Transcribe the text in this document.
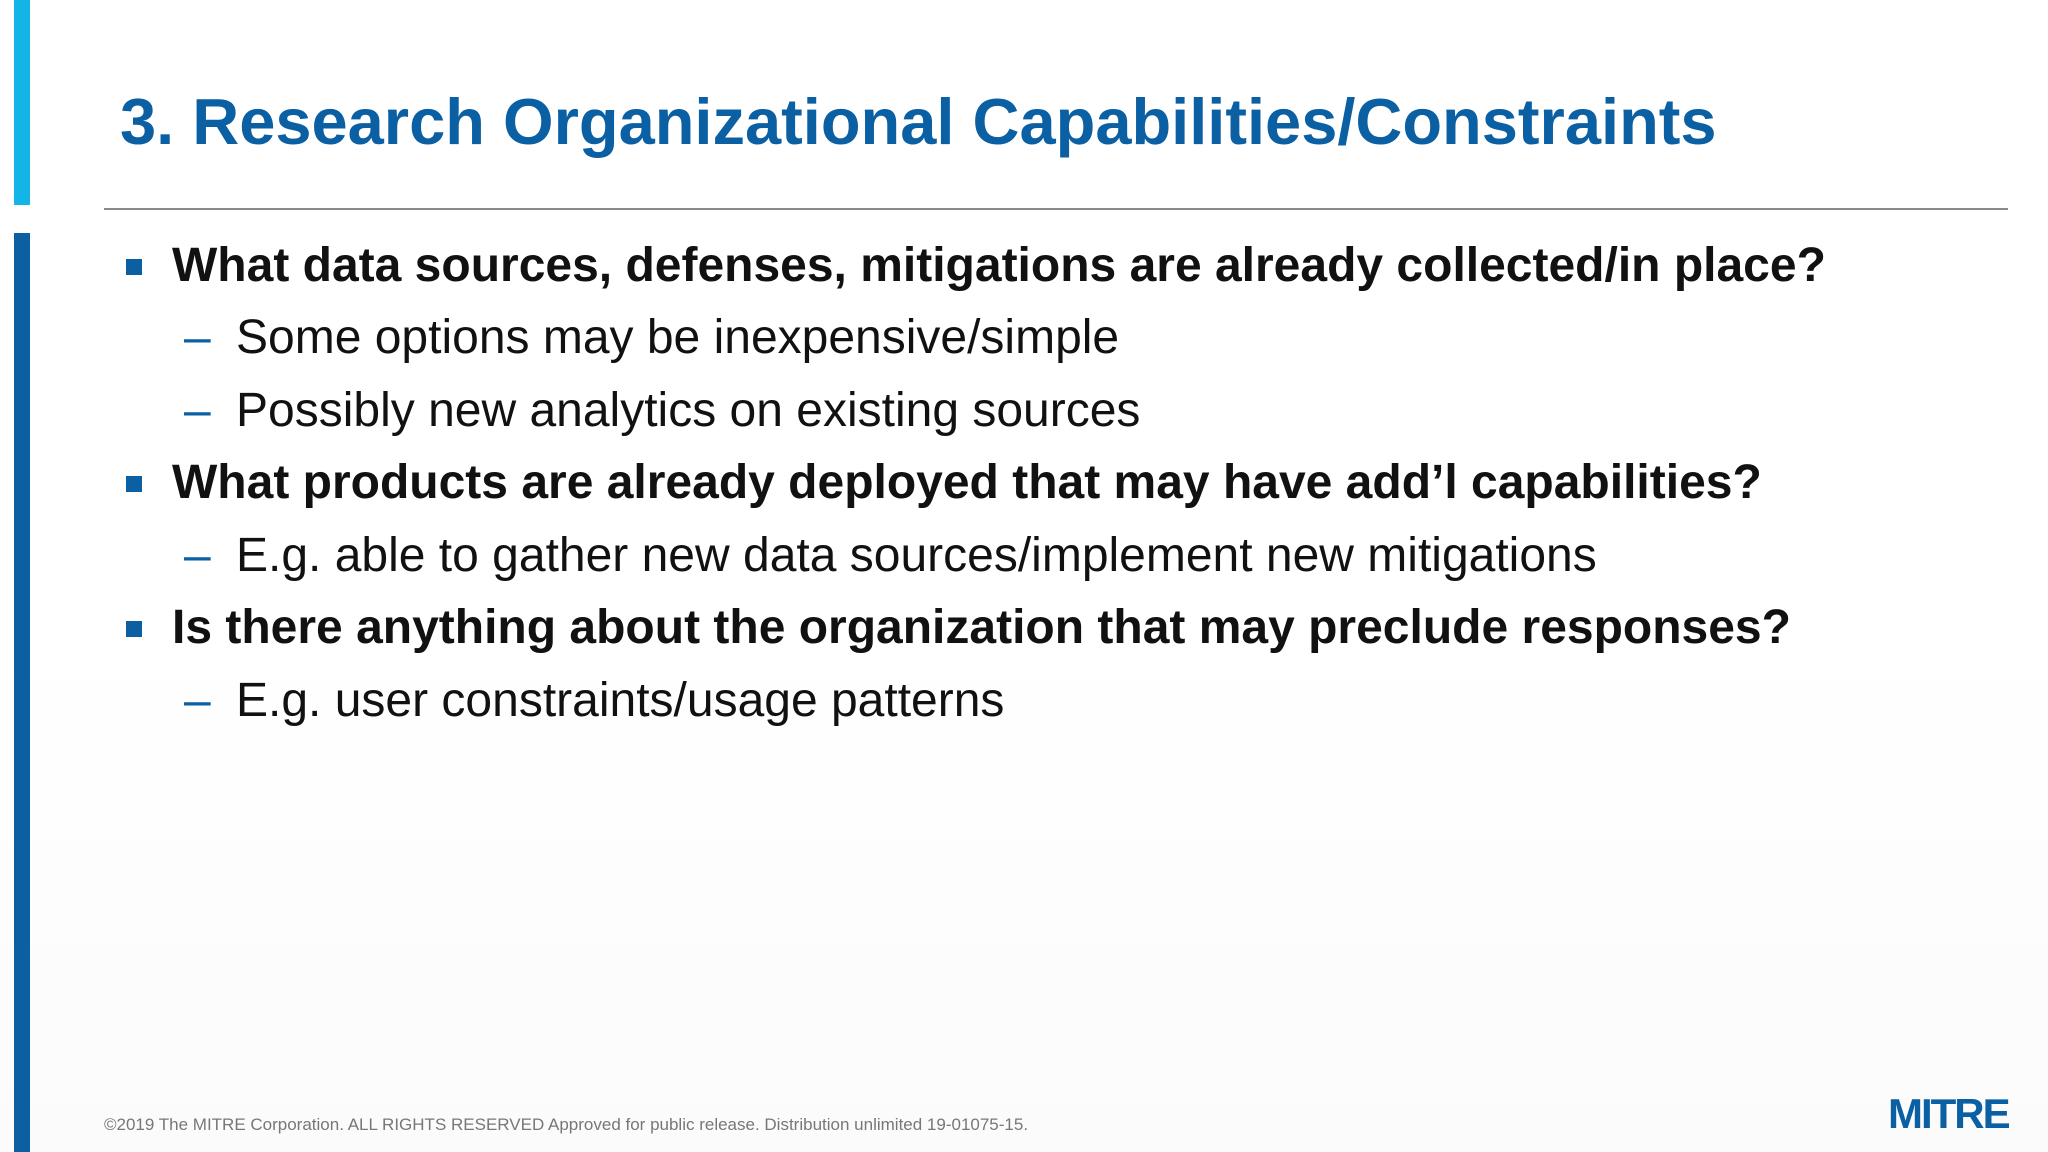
3. Research Organizational Capabilities/Constraints
What data sources, defenses, mitigations are already collected/in place?
– Some options may be inexpensive/simple
– Possibly new analytics on existing sources
What products are already deployed that may have add’l capabilities?
– E.g. able to gather new data sources/implement new mitigations
Is there anything about the organization that may preclude responses?
– E.g. user constraints/usage patterns
©2019 The MITRE Corporation. ALL RIGHTS RESERVED Approved for public release. Distribution unlimited 19-01075-15.	MITRE
